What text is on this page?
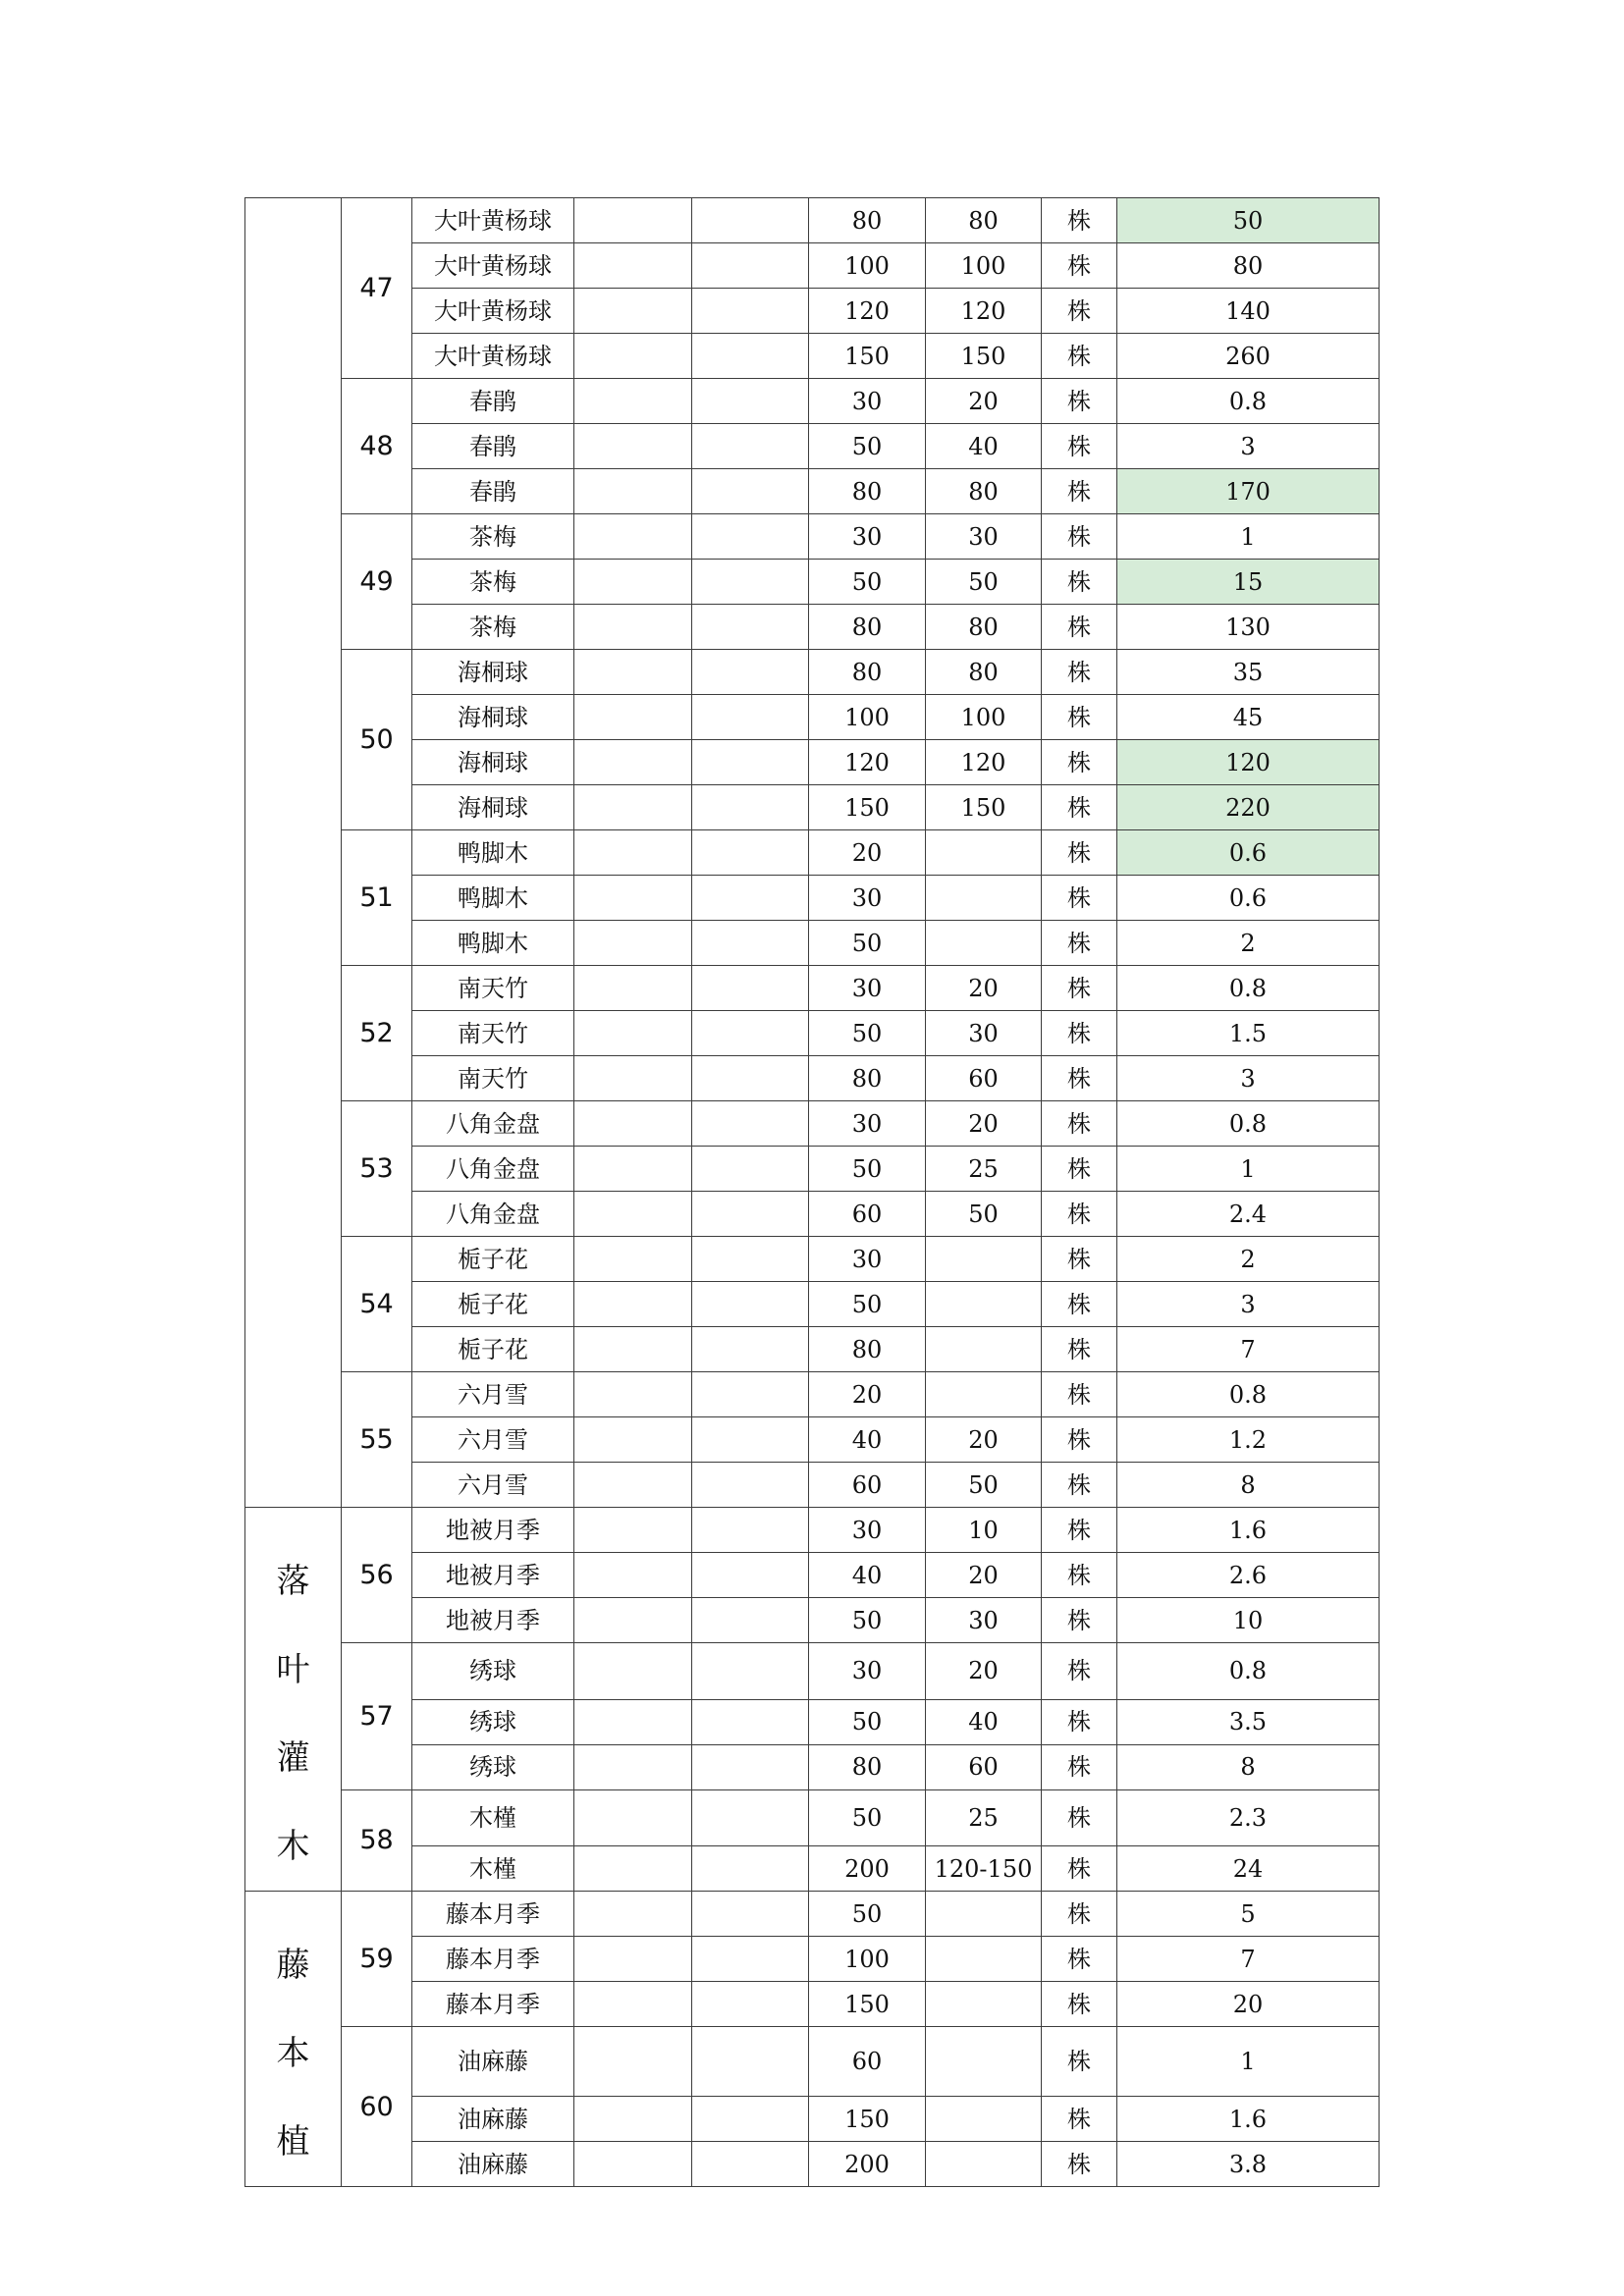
	47	大叶黄杨球			80	80	株	50
		大叶黄杨球			100	100	株	80
		大叶黄杨球			120	120	株	140
		大叶黄杨球			150	150	株	260
	48	春鹃			30	20	株	0.8
		春鹃			50	40	株	3
		春鹃			80	80	株	170
	49	茶梅			30	30	株	1
		茶梅			50	50	株	15
		茶梅			80	80	株	130
	50	海桐球			80	80	株	35
		海桐球			100	100	株	45
		海桐球			120	120	株	120
		海桐球			150	150	株	220
	51	鸭脚木			20		株	0.6
		鸭脚木			30		株	0.6
		鸭脚木			50		株	2
	52	南天竹			30	20	株	0.8
		南天竹			50	30	株	1.5
		南天竹			80	60	株	3
	53	八角金盘			30	20	株	0.8
		八角金盘			50	25	株	1
		八角金盘			60	50	株	2.4
	54	栀子花			30		株	2
		栀子花			50		株	3
		栀子花			80		株	7
	55	六月雪			20		株	0.8
		六月雪			40	20	株	1.2
		六月雪			60	50	株	8

落
叶
灌
木	56	地被月季			30	10	株	1.6
		地被月季			40	20	株	2.6
		地被月季			50	30	株	10
	57	绣球			30	20	株	0.8
		绣球			50	40	株	3.5
		绣球			80	60	株	8
	58	木槿			50	25	株	2.3
		木槿			200	120-150	株	24

藤
本
植	59	藤本月季			50		株	5
		藤本月季			100		株	7
		藤本月季			150		株	20
	60	油麻藤			60		株	1
		油麻藤			150		株	1.6
		油麻藤			200		株	3.8
